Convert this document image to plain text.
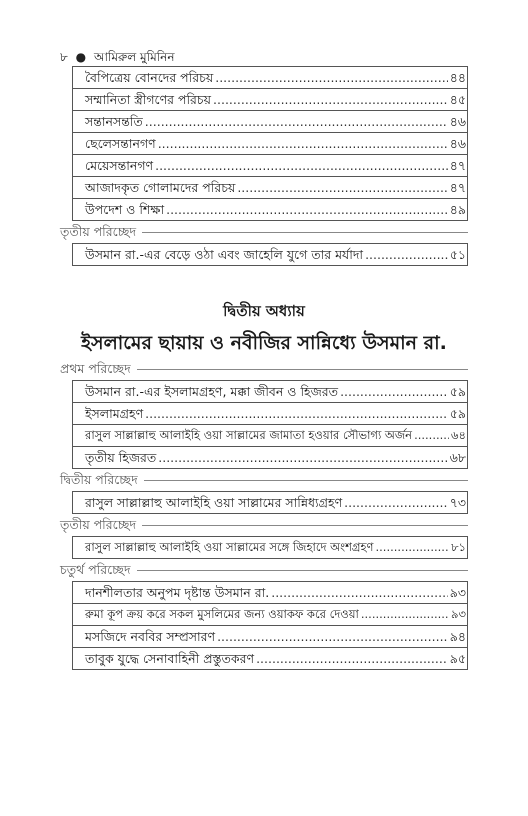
৮ ● আমিরুল মুমিনিন
বৈপিত্রেয় বোনদের পরিচয় .....	৪৪
সম্মানিতা স্ত্রীগণের পরিচয় .....	৪৫
সন্তানসন্ততি .....	৪৬
ছেলেসন্তানগণ .....	৪৬
মেয়েসন্তানগণ .....	৪৭
আজাদকৃত গোলামদের পরিচয় .....	৪৭
উপদেশ ও শিক্ষা .....	৪৯
তৃতীয় পরিচ্ছেদ
উসমান রা.-এর বেড়ে ওঠা এবং জাহেলি যুগে তার মর্যাদা .....	৫১
দ্বিতীয় অধ্যায়
ইসলামের ছায়ায় ও নবীজির সান্নিধ্যে উসমান রা.
প্রথম পরিচ্ছেদ
উসমান রা.-এর ইসলামগ্রহণ, মক্কা জীবন ও হিজরত .....	৫৯
ইসলামগ্রহণ .....	৫৯
রাসুল সাল্লাল্লাহু আলাইহি ওয়া সাল্লামের জামাতা হওয়ার সৌভাগ্য অর্জন .....	৬৪
তৃতীয় হিজরত .....	৬৮
দ্বিতীয় পরিচ্ছেদ
রাসুল সাল্লাল্লাহু আলাইহি ওয়া সাল্লামের সান্নিধ্যগ্রহণ .....	৭৩
তৃতীয় পরিচ্ছেদ
রাসুল সাল্লাল্লাহু আলাইহি ওয়া সাল্লামের সঙ্গে জিহাদে অংশগ্রহণ .....	৮১
চতুর্থ পরিচ্ছেদ
দানশীলতার অনুপম দৃষ্টান্ত উসমান রা. .....	৯৩
রুমা কূপ ক্রয় করে সকল মুসলিমের জন্য ওয়াকফ করে দেওয়া .....	৯৩
মসজিদে নববির সম্প্রসারণ .....	৯৪
তাবুক যুদ্ধে সেনাবাহিনী প্রস্তুতকরণ .....	৯৫
